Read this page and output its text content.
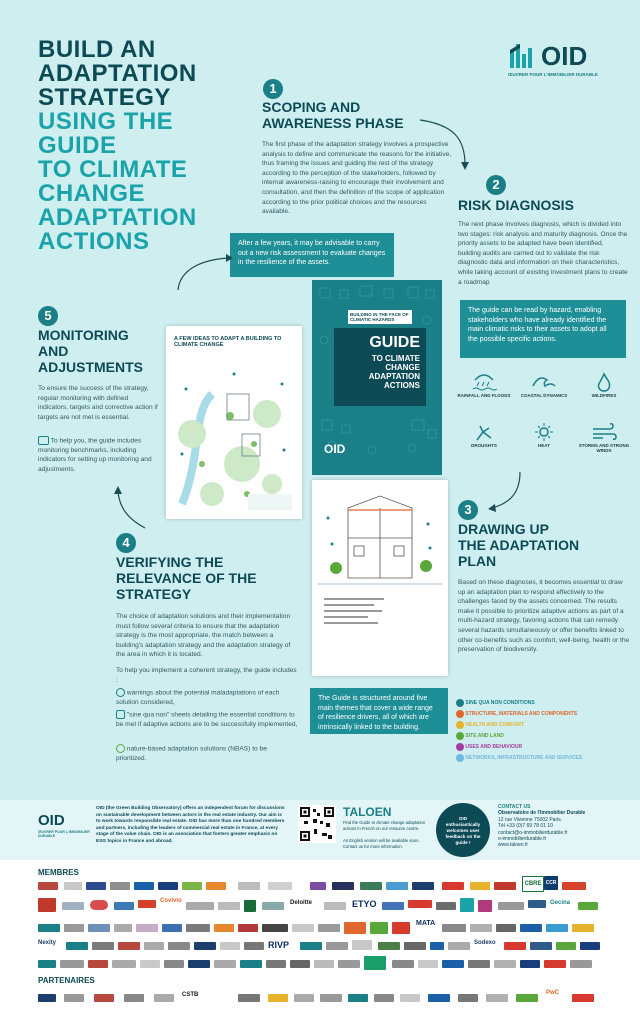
BUILD AN
ADAPTATION
STRATEGY
USING THE
GUIDE
TO CLIMATE
CHANGE
ADAPTATION
ACTIONS
OID
ŒUVRER POUR L'IMMOBILIER DURABLE
1
SCOPING AND
AWARENESS PHASE
The first phase of the adaptation strategy involves a prospective analysis to define and communicate the reasons for the initiative, thus framing the issues and guiding the rest of the strategy according to the perception of the stakeholders, followed by internal awareness-raising to encourage their involvement and consultation, and then the definition of the scope of application according to the prior political choices and the resources available.
After a few years, it may be advisable to carry out a new risk assessment to evaluate changes in the resilience of the assets.
2
RISK DIAGNOSIS
The next phase involves diagnosis, which is divided into two stages: risk analysis and maturity diagnosis. Once the priority assets to be adapted have been identified, building audits are carried out to validate the risk diagnostic data and information on their characteristics, while taking account of existing investment plans to create a roadmap
The guide can be read by hazard, enabling stakeholders who have already identified the main climatic risks to their assets to adopt all the possible specific actions.
RAINFALL AND FLOODS	COASTAL DYNAMICS	WILDFIRES
DROUGHTS	HEAT	STORMS AND STRONG WINDS
BUILDING IN THE FACE OF CLIMATIC HAZARDS
GUIDE
TO CLIMATE CHANGE ADAPTATION ACTIONS
OID
A FEW IDEAS TO ADAPT A BUILDING TO CLIMATE CHANGE
3
DRAWING UP
THE ADAPTATION
PLAN
Based on these diagnoses, it becomes essential to draw up an adaptation plan to respond effectively to the challenges faced by the assets concerned. The results make it possible to prioritize adaptive actions as part of a multi-hazard strategy, favoring actions that can remedy several hazards simultaneously or offer benefits linked to other co-benefits such as comfort, well-being, health or the preservation of biodiversity.
The Guide is structured around five main themes that cover a wide range of resilience drivers, all of which are intrinsically linked to the building.
SINE QUA NON CONDITIONS
STRUCTURE, MATERIALS AND COMPONENTS
HEALTH AND COMFORT
SITE AND LAND
USES AND BEHAVIOUR
NETWORKS, INFRASTRUCTURE AND SERVICES
5
MONITORING
AND
ADJUSTMENTS
To ensure the success of the strategy, regular monitoring with defined indicators, targets and corrective action if targets are not met is essential.
To help you, the guide includes monitoring benchmarks, including indicators for setting up monitoring and adjustments.
4
VERIFYING THE
RELEVANCE OF THE
STRATEGY
The choice of adaptation solutions and their implementation must follow several criteria to ensure that the adaptation strategy is the most appropriate, the match between a building's adaptation strategy and the adaptation strategy of the area in which it is located.
To help you implement a coherent strategy, the guide includes :
warnings about the potential maladaptations of each solution considered,
"sine qua non" sheets detailing the essential conditions to be met if adaptive actions are to be successfully implemented,
nature-based adaptation solutions (NBAS) to be prioritized.
OID
ŒUVRER POUR L'IMMOBILIER DURABLE
OID (the Green Building Observatory) offers an independent forum for discussions on sustainable development between actors in the real estate industry. Our aim is to work towards responsible real estate. OID has more than one hundred members and partners, including the leaders of commercial real estate in France, at every stage of the value chain. OID is an association that fosters greater emphasis on ESG topics in France and abroad.
TALOEN
Find the Guide to climate change adaptation actions in French on our resource centre.
An English version will be available soon. Contact us for more information.
OID enthusiastically welcomes user feedback on the guide !
CONTACT US
Observatoire de l'Immobilier Durable
12 rue Vivienne 75002 Paris.
Tél +33 (0)7 69 78 01 10
contact@o-immobilierdurable.fr
o-immobilierdurable.fr
www.taloen.fr
MEMBRES
CBRE CCR
Covivio	Deloitte	ETYO	Gecina
MATA
Nexity	RIVP	Sodexo
PARTENAIRES
CSTB	PwC
